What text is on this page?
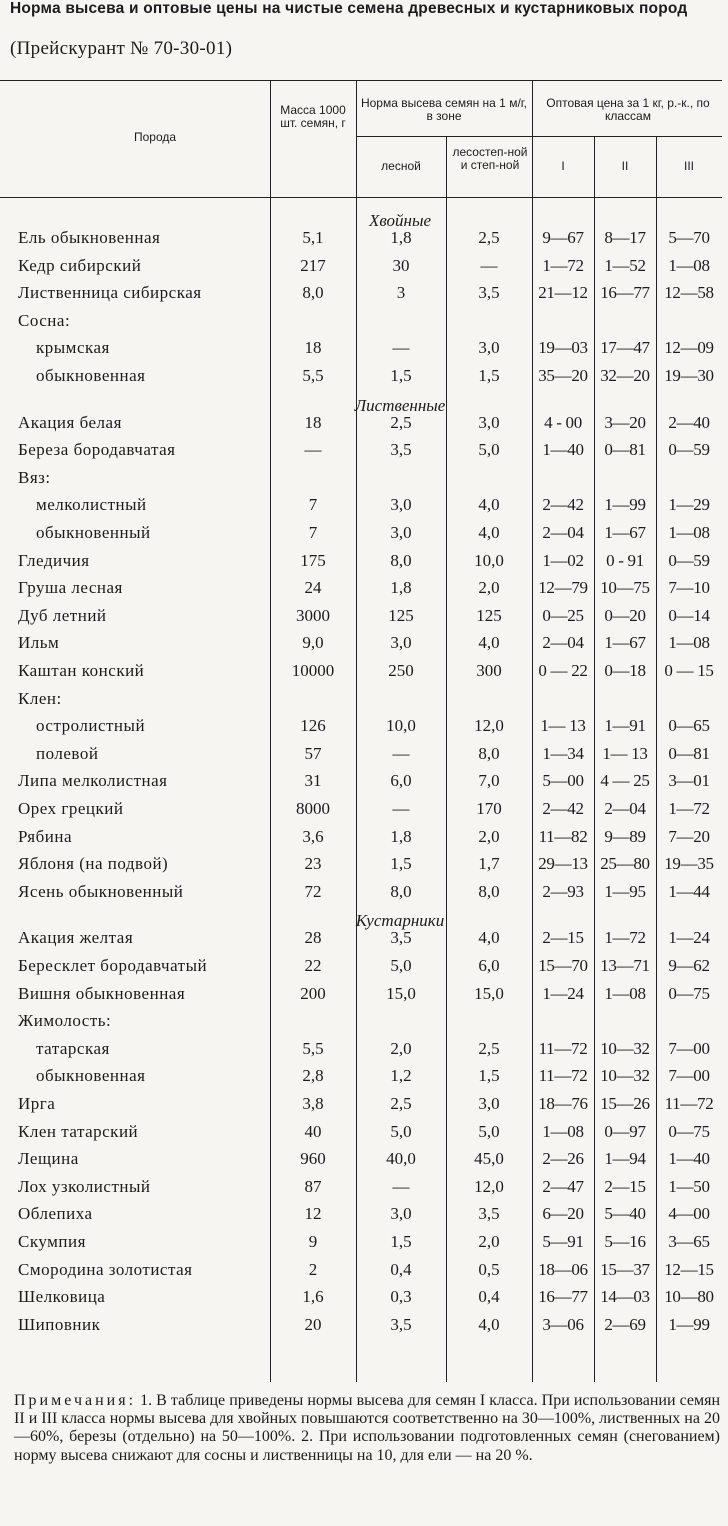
Норма высева и оптовые цены на чистые семена древесных и кустарниковых пород
(Прейскурант № 70-30-01)
Порода
Масса 1000 шт. семян, г
Норма высева семян на 1 м/г, в зоне
лесной
лесостеп-ной и степ-ной
Оптовая цена за 1 кг, р.-к., по классам
I	II	III
Хвойные
Ель обыкновенная	5,1	1,8	2,5	9—67	8—17	5—70
Кедр сибирский	217	30	—	1—72	1—52	1—08
Лиственница сибирская	8,0	3	3,5	21—12 16—77 12—58
Сосна:
крымская	18	—	3,0	19—03 17—47 12—09
обыкновенная	5,5	1,5	1,5	35—20 32—20 19—30
Лиственные
Акация белая	18	2,5	3,0	4 - 00	3—20	2—40
Береза бородавчатая	—	3,5	5,0	1—40	0—81	0—59
Вяз:
мелколистный	7	3,0	4,0	2—42	1—99	1—29
обыкновенный	7	3,0	4,0	2—04	1—67	1—08
Гледичия	175	8,0	10,0	1—02	0 - 91	0—59
Груша лесная	24	1,8	2,0	12—79 10—75	7—10
Дуб летний	3000	125	125	0—25	0—20	0—14
Ильм	9,0	3,0	4,0	2—04	1—67	1—08
Каштан конский	10000	250	300	0 — 22 0—18	0 — 15
Клен:
остролистный	126	10,0	12,0	1— 13	1—91	0—65
полевой	57	—	8,0	1—34	1— 13	0—81
Липа мелколистная	31	6,0	7,0	5—00 4 — 25	3—01
Орех грецкий	8000	—	170	2—42	2—04	1—72
Рябина	3,6	1,8	2,0	11—82 9—89	7—20
Яблоня (на подвой)	23	1,5	1,7	29—13 25—80 19—35
Ясень обыкновенный	72	8,0	8,0	2—93	1—95	1—44
Кустарники
Акация желтая	28	3,5	4,0	2—15	1—72	1—24
Бересклет бородавчатый	22	5,0	6,0	15—70 13—71	9—62
Вишня обыкновенная	200	15,0	15,0	1—24	1—08	0—75
Жимолость:
татарская	5,5	2,0	2,5	11—72 10—32	7—00
обыкновенная	2,8	1,2	1,5	11—72 10—32	7—00
Ирга	3,8	2,5	3,0	18—76 15—26 11—72
Клен татарский	40	5,0	5,0	1—08	0—97	0—75
Лещина	960	40,0	45,0	2—26	1—94	1—40
Лох узколистный	87	—	12,0	2—47	2—15	1—50
Облепиха	12	3,0	3,5	6—20	5—40	4—00
Скумпия	9	1,5	2,0	5—91	5—16	3—65
Смородина золотистая	2	0,4	0,5	18—06 15—37 12—15
Шелковица	1,6	0,3	0,4	16—77 14—03 10—80
Шиповник	20	3,5	4,0	3—06	2—69	1—99
Примечания: 1. В таблице приведены нормы высева для семян I класса. При использовании семян II и III класса нормы высева для хвойных повышаются соответственно на 30—100%, лиственных на 20—60%, березы (отдельно) на 50—100%. 2. При использовании подготовленных семян (снегованием) норму высева снижают для сосны и лиственницы на 10, для ели — на 20 %.
